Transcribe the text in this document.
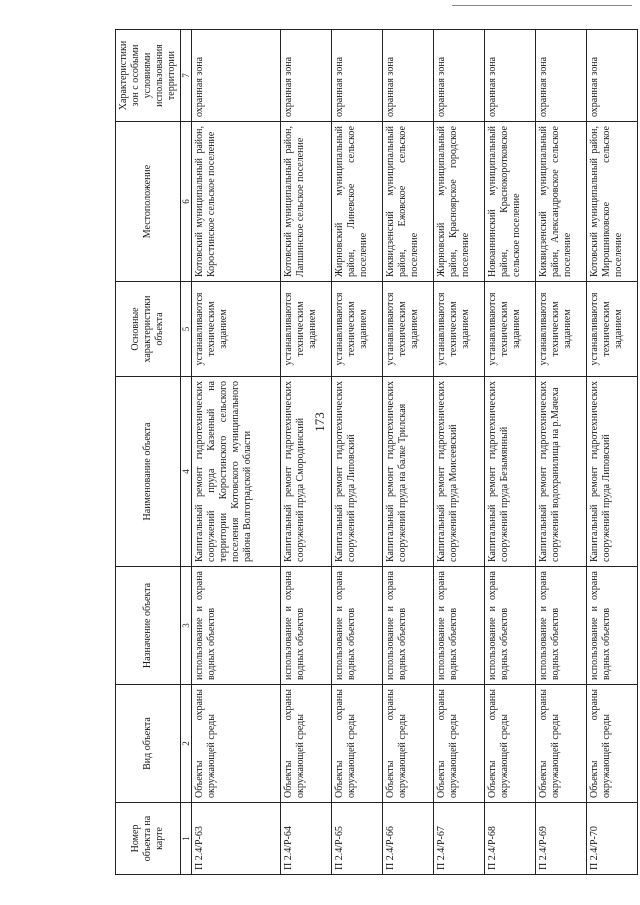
173
Номер объекта на карте	Вид объекта	Назначение объекта	Наименование объекта	Основные характеристики объекта	Местоположение	Характеристики зон с особыми условиями использования территории
1	2	3	4	5	6	7
П 2.4/Р-63	Объекты охраны окружающей среды	использование и охрана водных объектов	Капитальный ремонт гидротехнических сооружений пруда Казенный на территории Коростинского сельского поселения Котовского муниципального района Волгоградской области	устанавливаются техническим заданием	Котовский муниципальный район, Коростинское сельское поселение	охранная зона
П 2.4/Р-64	Объекты охраны окружающей среды	использование и охрана водных объектов	Капитальный ремонт гидротехнических сооружений пруда Смородинский	устанавливаются техническим заданием	Котовский муниципальный район, Лапшинское сельское поселение	охранная зона
П 2.4/Р-65	Объекты охраны окружающей среды	использование и охрана водных объектов	Капитальный ремонт гидротехнических сооружений пруда Липовский	устанавливаются техническим заданием	Жирновский муниципальный район, Линевское сельское поселение	охранная зона
П 2.4/Р-66	Объекты охраны окружающей среды	использование и охрана водных объектов	Капитальный ремонт гидротехнических сооружений пруда на балке Трилская	устанавливаются техническим заданием	Киквидзенский муниципальный район, Ежовское сельское поселение	охранная зона
П 2.4/Р-67	Объекты охраны окружающей среды	использование и охрана водных объектов	Капитальный ремонт гидротехнических сооружений пруда Моисеевский	устанавливаются техническим заданием	Жирновский муниципальный район, Красноярское городское поселение	охранная зона
П 2.4/Р-68	Объекты охраны окружающей среды	использование и охрана водных объектов	Капитальный ремонт гидротехнических сооружений пруда Безымянный	устанавливаются техническим заданием	Новоаннинский муниципальный район, Краснокоротковское сельское поселение	охранная зона
П 2.4/Р-69	Объекты охраны окружающей среды	использование и охрана водных объектов	Капитальный ремонт гидротехнических сооружений водохранилища на р.Мачеха	устанавливаются техническим заданием	Киквидзенский муниципальный район, Александровское сельское поселение	охранная зона
П 2.4/Р-70	Объекты охраны окружающей среды	использование и охрана водных объектов	Капитальный ремонт гидротехнических сооружений пруда Липовский	устанавливаются техническим заданием	Котовский муниципальный район, Мирошниковское сельское поселение	охранная зона
